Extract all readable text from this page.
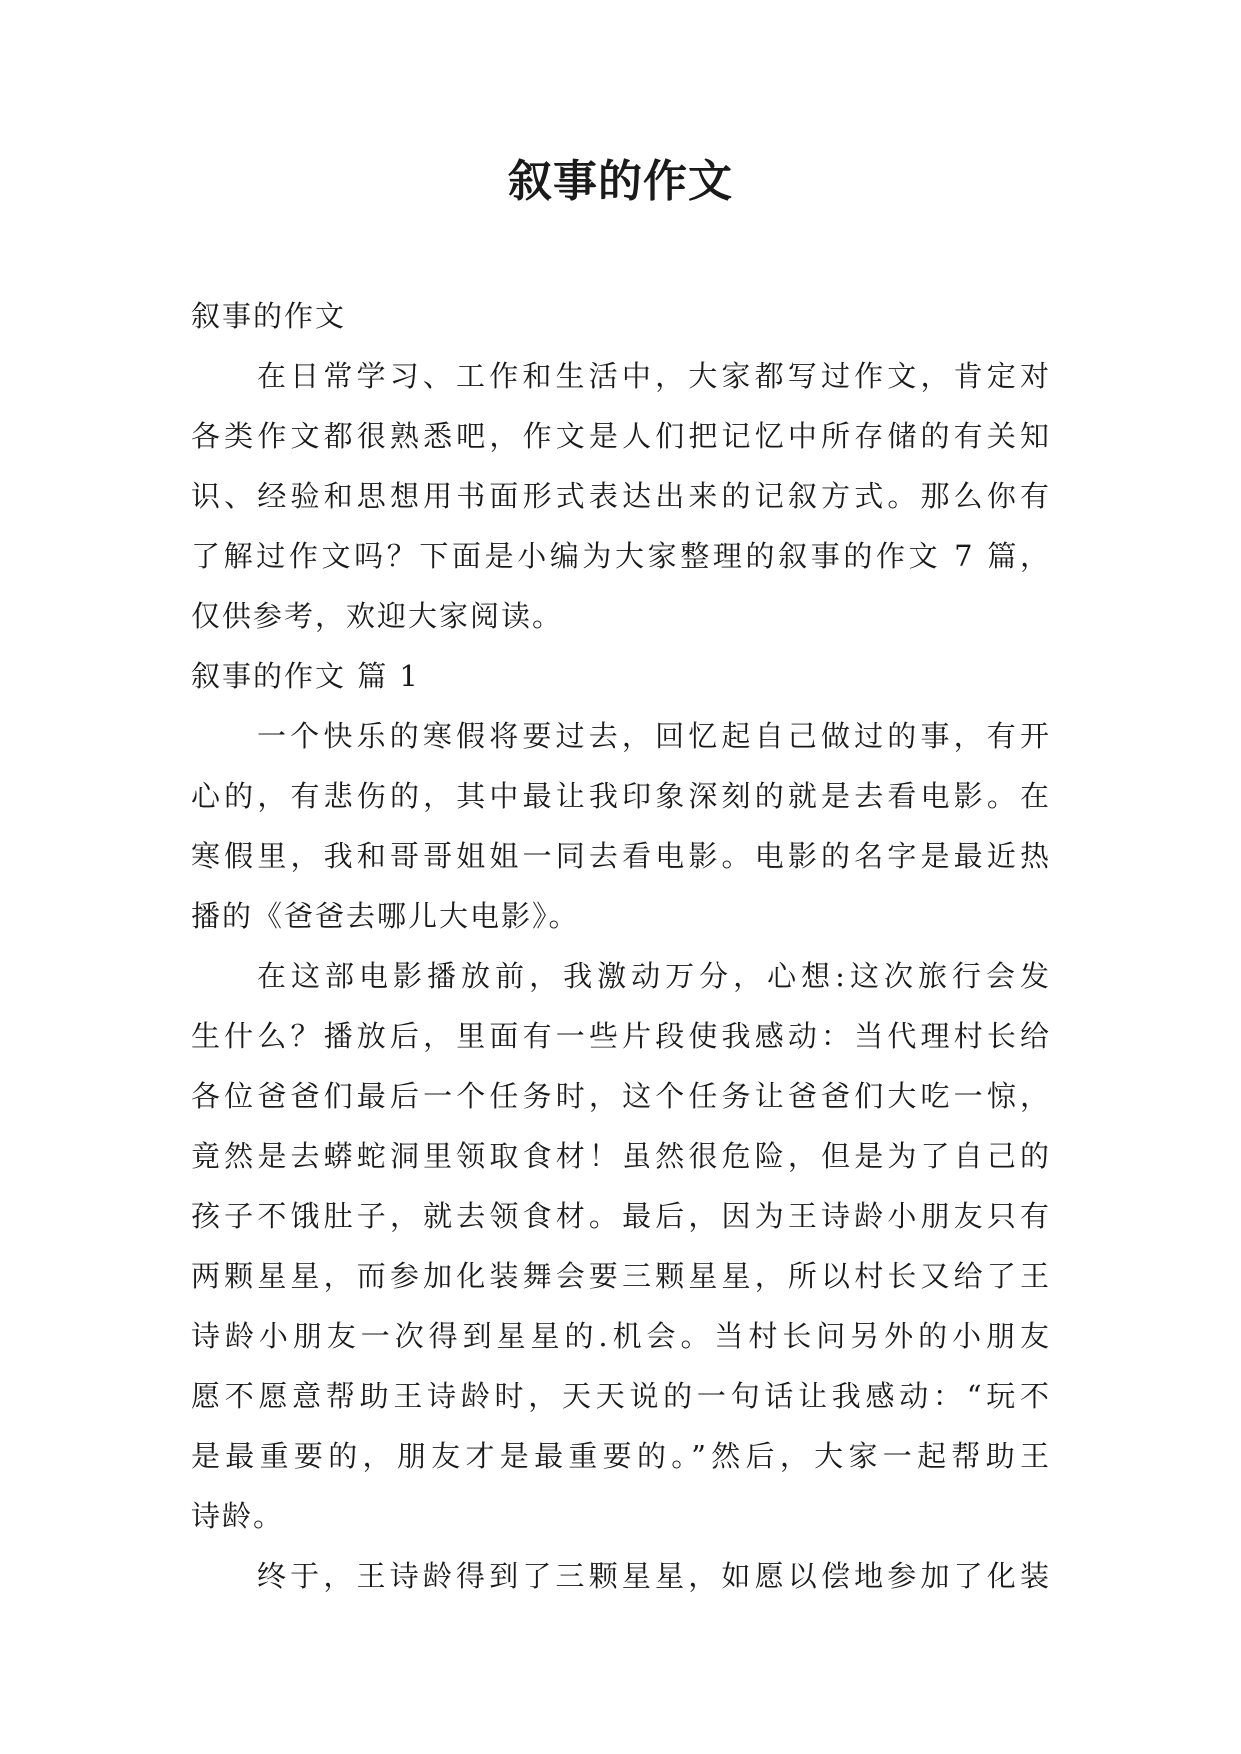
叙事的作文
叙事的作文
在日常学习、工作和生活中，大家都写过作文，肯定对
各类作文都很熟悉吧，作文是人们把记忆中所存储的有关知
识、经验和思想用书面形式表达出来的记叙方式。那么你有
了解过作文吗？下面是小编为大家整理的叙事的作文 7 篇，
仅供参考，欢迎大家阅读。
叙事的作文 篇 1
一个快乐的寒假将要过去，回忆起自己做过的事，有开
心的，有悲伤的，其中最让我印象深刻的就是去看电影。在
寒假里，我和哥哥姐姐一同去看电影。电影的名字是最近热
播的《爸爸去哪儿大电影》。
在这部电影播放前，我激动万分，心想:这次旅行会发
生什么？播放后，里面有一些片段使我感动：当代理村长给
各位爸爸们最后一个任务时，这个任务让爸爸们大吃一惊，
竟然是去蟒蛇洞里领取食材！虽然很危险，但是为了自己的
孩子不饿肚子，就去领食材。最后，因为王诗龄小朋友只有
两颗星星，而参加化装舞会要三颗星星，所以村长又给了王
诗龄小朋友一次得到星星的.机会。当村长问另外的小朋友
愿不愿意帮助王诗龄时，天天说的一句话让我感动：“玩不
是最重要的，朋友才是最重要的。”然后，大家一起帮助王
诗龄。
终于，王诗龄得到了三颗星星，如愿以偿地参加了化装
